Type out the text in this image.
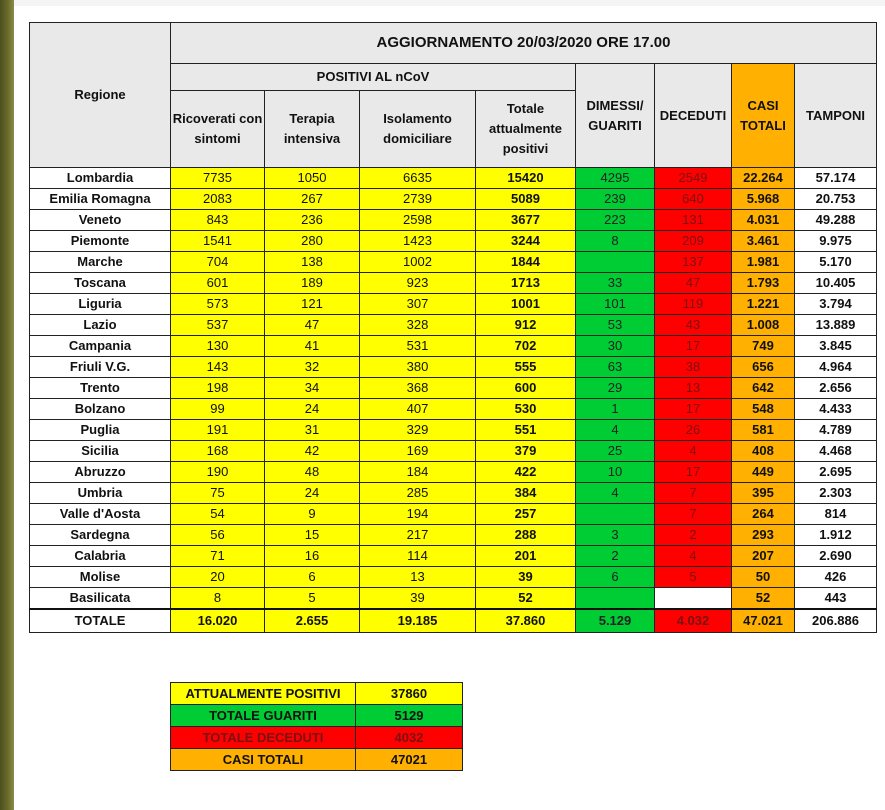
Regione	AGGIORNAMENTO 20/03/2020 ORE 17.00							
	POSITIVI AL nCoV				DIMESSI/ GUARITI	DECEDUTI	CASI TOTALI	TAMPONI
	Ricoverati con sintomi	Terapia intensiva	Isolamento domiciliare	Totale attualmente positivi				
Lombardia	7735	1050	6635	15420	4295	2549	22.264	57.174
Emilia Romagna	2083	267	2739	5089	239	640	5.968	20.753
Veneto	843	236	2598	3677	223	131	4.031	49.288
Piemonte	1541	280	1423	3244	8	209	3.461	9.975
Marche	704	138	1002	1844		137	1.981	5.170
Toscana	601	189	923	1713	33	47	1.793	10.405
Liguria	573	121	307	1001	101	119	1.221	3.794
Lazio	537	47	328	912	53	43	1.008	13.889
Campania	130	41	531	702	30	17	749	3.845
Friuli V.G.	143	32	380	555	63	38	656	4.964
Trento	198	34	368	600	29	13	642	2.656
Bolzano	99	24	407	530	1	17	548	4.433
Puglia	191	31	329	551	4	26	581	4.789
Sicilia	168	42	169	379	25	4	408	4.468
Abruzzo	190	48	184	422	10	17	449	2.695
Umbria	75	24	285	384	4	7	395	2.303
Valle d'Aosta	54	9	194	257		7	264	814
Sardegna	56	15	217	288	3	2	293	1.912
Calabria	71	16	114	201	2	4	207	2.690
Molise	20	6	13	39	6	5	50	426
Basilicata	8	5	39	52			52	443
TOTALE	16.020	2.655	19.185	37.860	5.129	4.032	47.021	206.886
ATTUALMENTE POSITIVI	37860
TOTALE GUARITI	5129
TOTALE DECEDUTI	4032
CASI TOTALI	47021
